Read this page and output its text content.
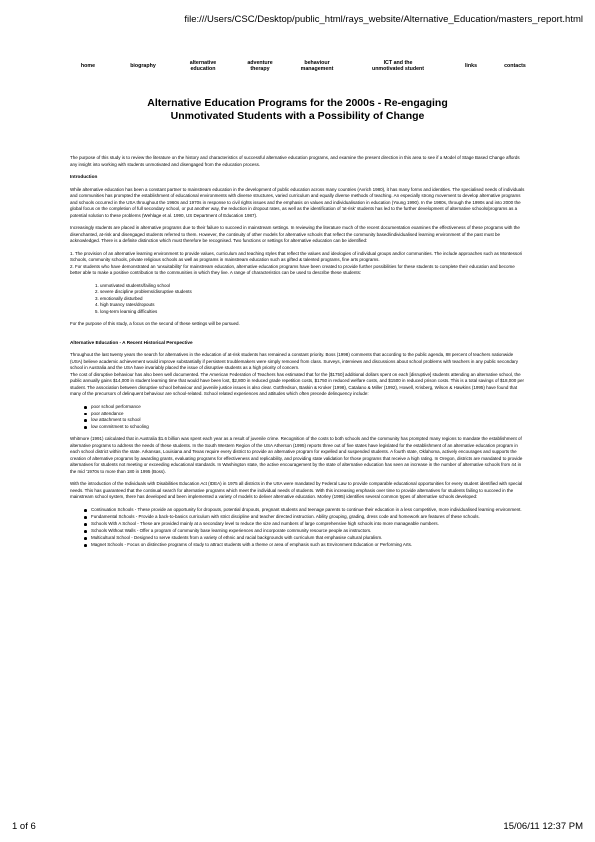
file:///Users/CSC/Desktop/public_html/rays_website/Alternative_Education/masters_report.html
home	biography
alternative
education
adventure
therapy
behaviour
management
ICT and the
unmotivated student
links	contacts
Alternative Education Programs for the 2000s - Re-engaging
Unmotivated Students with a Possibility of Change

The purpose of this study is to review the literature on the history and characteristics of successful alternative education programs, and examine the present direction in this area to see if a Model of Stage Based Change affords any insight into working with students unmotivated and disengaged from the education process.

Introduction

While alternative education has been a constant partner to mainstream education in the development of public education across many countries (Avrich 1980), it has many forms and identities. The specialised needs of individuals and communities has prompted the establishment of educational environments with diverse structures, varied curriculum and equally diverse methods of teaching. An especially strong movement to develop alternative programs and schools occurred in the USA throughout the 1960s and 1970s in response to civil rights issues and the emphasis on values and individualisation in education (Young 1990). In the 1980s, through the 1990s and into 2000 the global focus on the completion of full secondary school, or put another way, the reduction in dropout rates, as well as the identification of 'at-risk' students has led to the further development of alternative schools/programs as a potential solution to these problems (Wehlage et al. 1990, US Department of Education 1987).

Increasingly students are placed in alternative programs due to their failure to succeed in mainstream settings. In reviewing the literature much of the recent documentation examines the effectiveness of these programs with the disenchanted, at-risk and disengaged students referred to them. However, the continuity of other models for alternative schools that reflect the community based/individualised learning environment of the past must be acknowledged. There is a definite distinction which must therefore be recognised. Two functions or settings for alternative education can be identified:

1. The provision of an alternative learning environment to provide values, curriculum and teaching styles that reflect the values and ideologies of individual groups and/or communities. The include approaches such as Montessori Schools, community schools, private religious schools as well as programs in mainstream education such as gifted & talented programs, fine arts programs.

2. For students who have demonstrated an 'unsuitability' for mainstream education, alternative education programs have been created to provide further possibilities for these students to complete their education and become better able to make a positive contribution to the communities in which they live. A range of characteristics can be used to describe these students:

1. unmotivated students/failing school
2. severe discipline problems/disruptive students
3. emotionally disturbed
4. high truancy rates/dropouts
5. long-term learning difficulties

For the purpose of this study, a focus on the second of these settings will be pursued.

Alternative Education - A Recent Historical Perspective

Throughout the last twenty years the search for alternatives in the education of at-risk students has remained a constant priority. Boss (1998) comments that according to the public agenda, 88 percent of teachers nationwide (USA) believe academic achievement would improve substantially if persistent troublemakers were simply removed from class. Surveys, interviews and discussions about school problems with teachers in any public secondary school in Australia and the USA have invariably placed the issue of disruptive students as a high priority of concern.

The cost of disruptive behaviour has also been well documented. The American Federation of Teachers has estimated that for the [$1750] additional dollars spent on each [disruptive] students attending an alternative school, the public annually gains $14,000 in student learning time that would have been lost, $2,800 in reduced grade repetition costs, $1750 in reduced welfare costs, and $1500 in reduced prison costs. This is a total savings of $18,000 per student. The association between disruptive school behaviour and juvenile justice issues is also clear. Gottfredson, Baskin & Kroker (1998), Catalano & Miller (1992), Howell, Krisberg, Wilson & Hawkins (1995) have found that many of the precursors of delinquent behaviour are school-related. School related experiences and attitudes which often precede delinquency include:

poor school performance
poor attendance
low attachment to school
low commitment to schooling

Whitmore (1991) calculated that in Australia $1.6 billion was spent each year as a result of juvenile crime. Recognition of the costs to both schools and the community has prompted many regions to mandate the establishment of alternative programs to address the needs of these students. In the South Western Region of the USA Atherson (1995) reports three out of five states have legislated for the establishment of an alternative education program in each school district within the state. Arkansas, Louisiana and Texas require every district to provide an alternative program for expelled and suspended students. A fourth state, Oklahoma, actively encourages and supports the creation of alternative programs by awarding grants, evaluating programs for effectiveness and replicability, and providing state validation for those programs that receive a high rating. In Oregon, districts are mandated to provide alternatives for students not meeting or exceeding educational standards. In Washington state, the active encouragement by the state of alternative education has seen an increase in the number of alternative schools from 44 in the mid '1970s to more than 180 in 1995 (Boss).

With the introduction of the Individuals with Disabilities Education Act (IDEA) in 1975 all districts in the USA were mandated by Federal Law to provide comparable educational opportunities for every student identified with special needs. This has guaranteed that the continual search for alternative programs which meet the individual needs of students. With this increasing emphasis over time to provide alternatives for students failing to succeed in the mainstream school system, there has developed and been implemented a variety of models to deliver alternative education. Morley (1995) identifies several common types of alternative schools developed:

Continuation Schools - These provide an opportunity for dropouts, potential dropouts, pregnant students and teenage parents to continue their education in a less competitive, more individualised learning environment.
Fundamental Schools - Provide a back-to-basics curriculum with strict discipline and teacher directed instruction. Ability grouping, grading, dress code and homework are features of these schools.
Schools With A School - These are provided mainly at a secondary level to reduce the size and numbers of large comprehensive high schools into more manageable numbers.
Schools Without Walls - Offer a program of community base learning experiences and incorporate community resource people as instructors.
Multicultural School - Designed to serve students from a variety of ethnic and racial backgrounds with curriculum that emphasise cultural pluralism.
Magnet Schools - Focus on distinctive programs of study to attract students with a theme or area of emphasis such as Environment Education or Performing Arts.
1 of 6	15/06/11 12:37 PM
